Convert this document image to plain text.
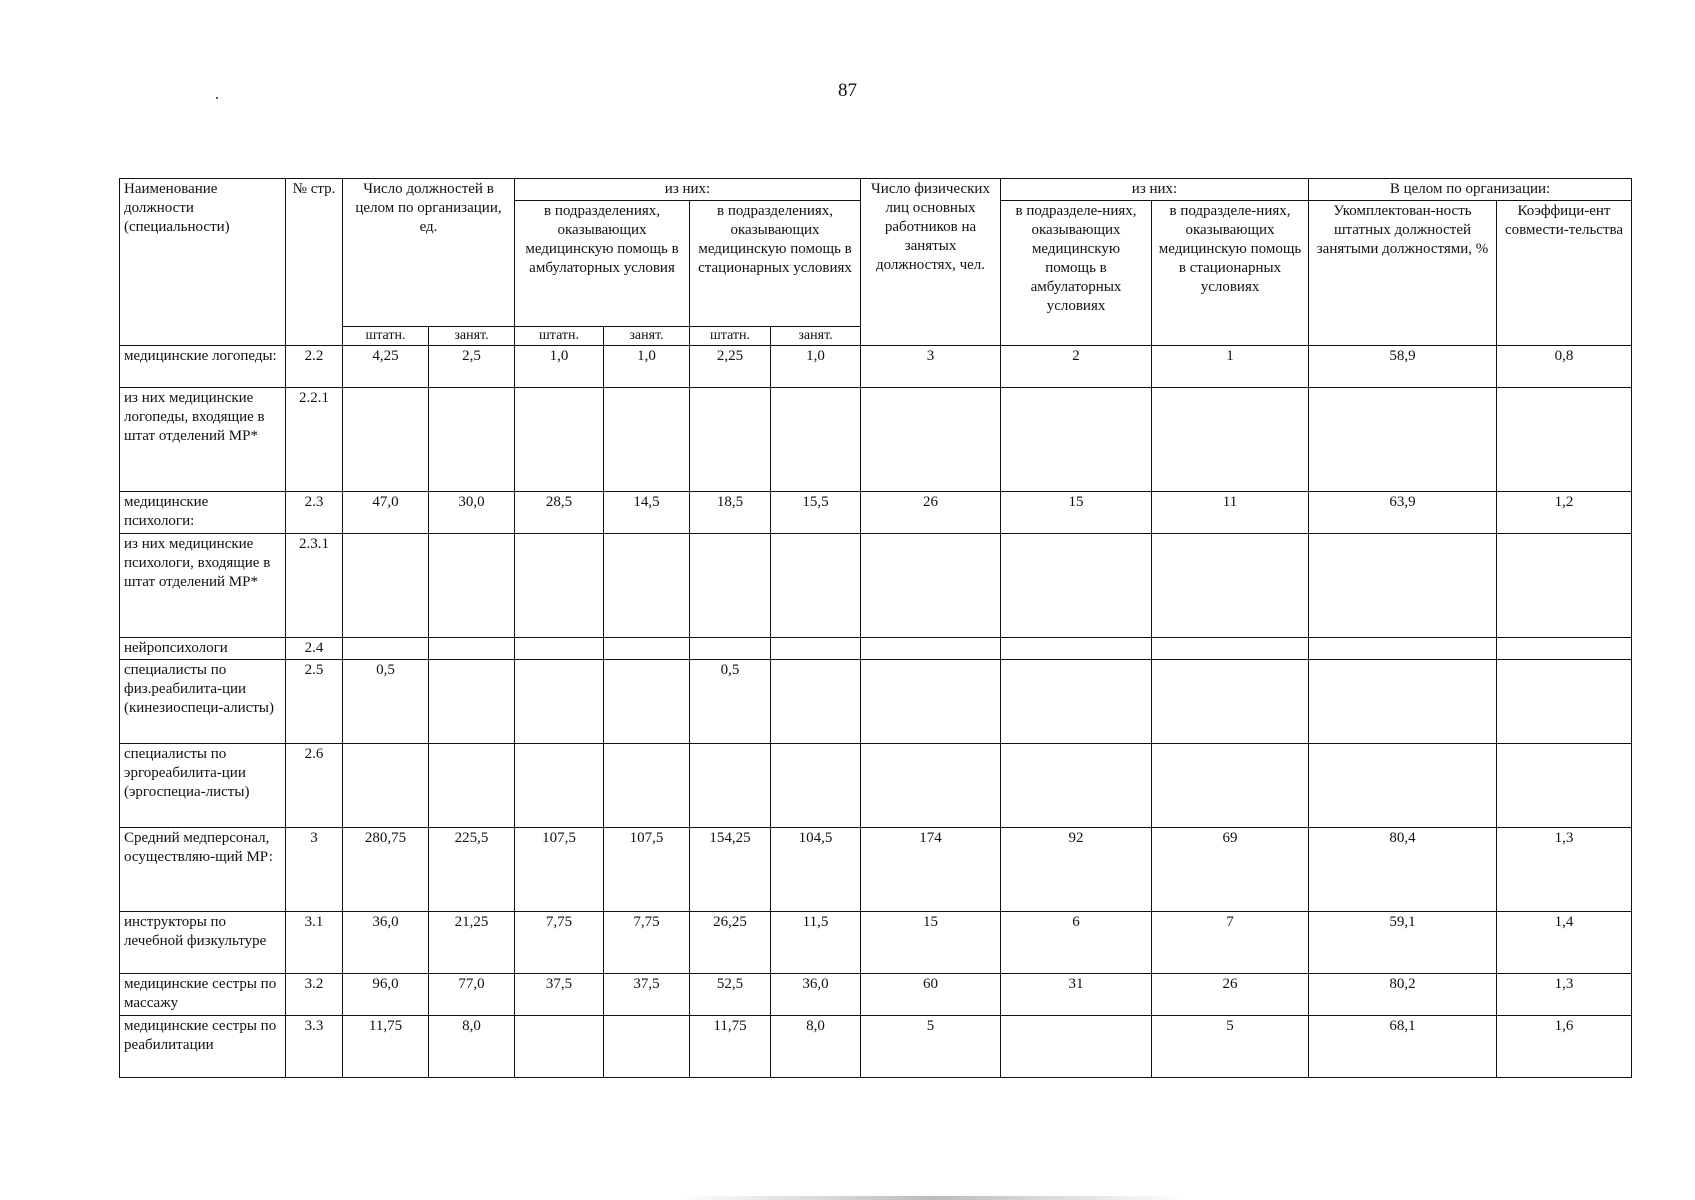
87
Наименование должности (специальности)	№ стр.	Число должностей в целом по организации, ед.		из них:				Число физических лиц основных работников на занятых должностях, чел.	из них:		В целом по организации:	
				в подразделениях, оказывающих медицинскую помощь в амбулаторных условия		в подразделениях, оказывающих медицинскую помощь в стационарных условиях			в подразделе-ниях, оказывающих медицинскую помощь в амбулаторных условиях	в подразделе-ниях, оказывающих медицинскую помощь в стационарных условиях	Укомплектован-ность штатных должностей занятыми должностями, %	Коэффици-ент совмести-тельства

		штатн.	занят.	штатн.	занят.	штатн.	занят.					
медицинские логопеды:	2.2	4,25	2,5	1,0	1,0	2,25	1,0	3	2	1	58,9	0,8
из них медицинские логопеды, входящие в штат отделений МР*	2.2.1											
медицинские психологи:	2.3	47,0	30,0	28,5	14,5	18,5	15,5	26	15	11	63,9	1,2
из них медицинские психологи, входящие в штат отделений МР*	2.3.1											
нейропсихологи	2.4											
специалисты по физ.реабилита-ции (кинезиоспеци-алисты)	2.5	0,5				0,5						
специалисты по эргореабилита-ции (эргоспециа-листы)	2.6											
Средний медперсонал, осуществляю-щий МР:	3	280,75	225,5	107,5	107,5	154,25	104,5	174	92	69	80,4	1,3
инструкторы по лечебной физкультуре	3.1	36,0	21,25	7,75	7,75	26,25	11,5	15	6	7	59,1	1,4
медицинские сестры по массажу	3.2	96,0	77,0	37,5	37,5	52,5	36,0	60	31	26	80,2	1,3
медицинские сестры по реабилитации	3.3	11,75	8,0			11,75	8,0	5		5	68,1	1,6
